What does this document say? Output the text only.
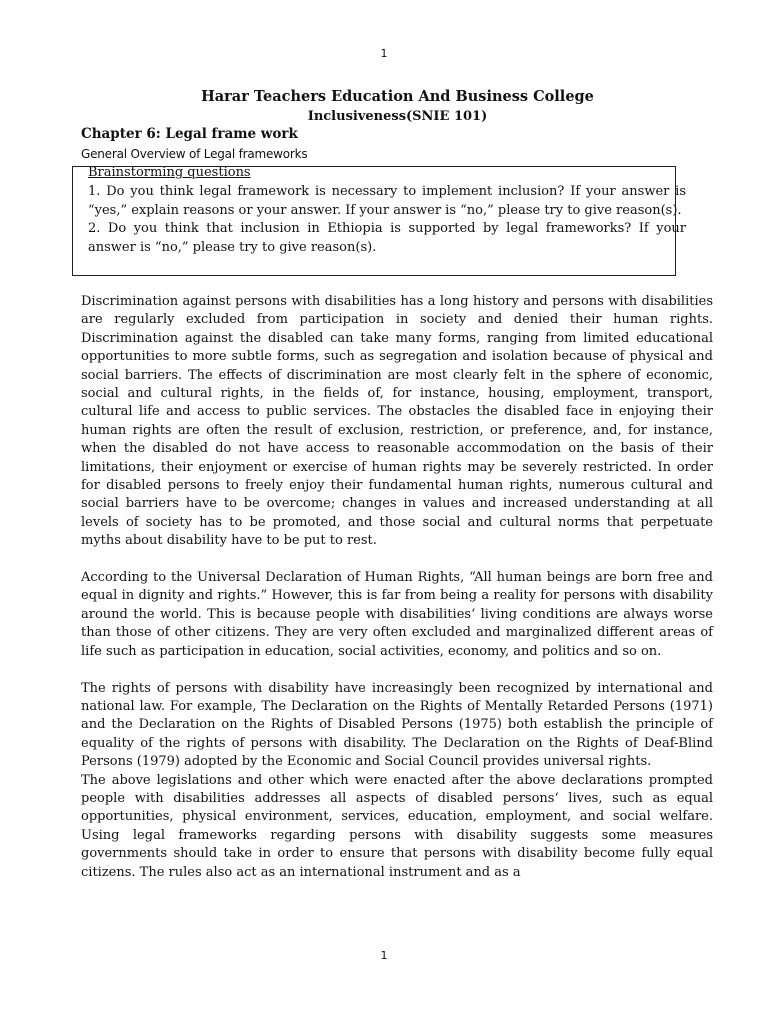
1
Harar Teachers Education And Business College
Inclusiveness(SNIE 101)
Chapter 6: Legal frame work
General Overview of Legal frameworks
Brainstorming questions

1. Do you think legal framework is necessary to implement inclusion? If your answer is “yes,” explain reasons or your answer. If your answer is “no,” please try to give reason(s).

2. Do you think that inclusion in Ethiopia is supported by legal frameworks? If your answer is “no,” please try to give reason(s).

Discrimination against persons with disabilities has a long history and persons with disabilities are regularly excluded from participation in society and denied their human rights. Discrimination against the disabled can take many forms, ranging from limited educational opportunities to more subtle forms, such as segregation and isolation because of physical and social barriers. The effects of discrimination are most clearly felt in the sphere of economic, social and cultural rights, in the fields of, for instance, housing, employment, transport, cultural life and access to public services. The obstacles the disabled face in enjoying their human rights are often the result of exclusion, restriction, or preference, and, for instance, when the disabled do not have access to reasonable accommodation on the basis of their limitations, their enjoyment or exercise of human rights may be severely restricted. In order for disabled persons to freely enjoy their fundamental human rights, numerous cultural and social barriers have to be overcome; changes in values and increased understanding at all levels of society has to be promoted, and those social and cultural norms that perpetuate myths about disability have to be put to rest.

According to the Universal Declaration of Human Rights, “All human beings are born free and equal in dignity and rights.” However, this is far from being a reality for persons with disability around the world. This is because people with disabilities‘ living conditions are always worse than those of other citizens. They are very often excluded and marginalized different areas of life such as participation in education, social activities, economy, and politics and so on.

The rights of persons with disability have increasingly been recognized by international and national law. For example, The Declaration on the Rights of Mentally Retarded Persons (1971) and the Declaration on the Rights of Disabled Persons (1975) both establish the principle of equality of the rights of persons with disability. The Declaration on the Rights of Deaf-Blind Persons (1979) adopted by the Economic and Social Council provides universal rights.

The above legislations and other which were enacted after the above declarations prompted people with disabilities addresses all aspects of disabled persons‘ lives, such as equal opportunities, physical environment, services, education, employment, and social welfare. Using legal frameworks regarding persons with disability suggests some measures governments should take in order to ensure that persons with disability become fully equal citizens. The rules also act as an international instrument and as a

1
